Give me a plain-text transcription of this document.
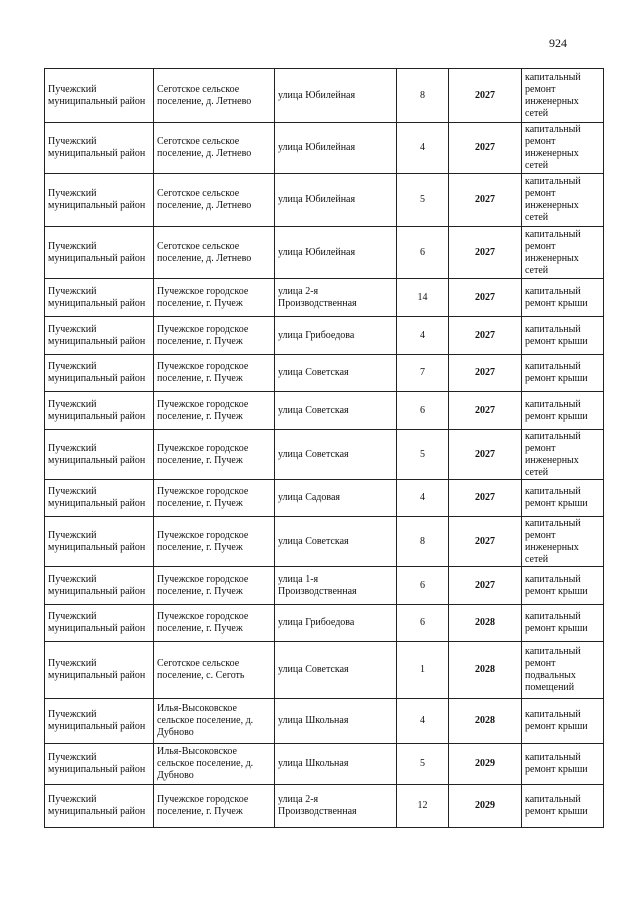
924
Пучежский муниципальный район	Сеготское сельское поселение, д. Летнево	улица Юбилейная	8	2027	капитальный ремонт инженерных сетей
Пучежский муниципальный район	Сеготское сельское поселение, д. Летнево	улица Юбилейная	4	2027	капитальный ремонт инженерных сетей
Пучежский муниципальный район	Сеготское сельское поселение, д. Летнево	улица Юбилейная	5	2027	капитальный ремонт инженерных сетей
Пучежский муниципальный район	Сеготское сельское поселение, д. Летнево	улица Юбилейная	6	2027	капитальный ремонт инженерных сетей
Пучежский муниципальный район	Пучежское городское поселение, г. Пучеж	улица 2-я Производственная	14	2027	капитальный ремонт крыши
Пучежский муниципальный район	Пучежское городское поселение, г. Пучеж	улица Грибоедова	4	2027	капитальный ремонт крыши
Пучежский муниципальный район	Пучежское городское поселение, г. Пучеж	улица Советская	7	2027	капитальный ремонт крыши
Пучежский муниципальный район	Пучежское городское поселение, г. Пучеж	улица Советская	6	2027	капитальный ремонт крыши
Пучежский муниципальный район	Пучежское городское поселение, г. Пучеж	улица Советская	5	2027	капитальный ремонт инженерных сетей
Пучежский муниципальный район	Пучежское городское поселение, г. Пучеж	улица Садовая	4	2027	капитальный ремонт крыши
Пучежский муниципальный район	Пучежское городское поселение, г. Пучеж	улица Советская	8	2027	капитальный ремонт инженерных сетей
Пучежский муниципальный район	Пучежское городское поселение, г. Пучеж	улица 1-я Производственная	6	2027	капитальный ремонт крыши
Пучежский муниципальный район	Пучежское городское поселение, г. Пучеж	улица Грибоедова	6	2028	капитальный ремонт крыши
Пучежский муниципальный район	Сеготское сельское поселение, с. Сеготь	улица Советская	1	2028	капитальный ремонт подвальных помещений
Пучежский муниципальный район	Илья-Высоковское сельское поселение, д. Дубново	улица Школьная	4	2028	капитальный ремонт крыши
Пучежский муниципальный район	Илья-Высоковское сельское поселение, д. Дубново	улица Школьная	5	2029	капитальный ремонт крыши
Пучежский муниципальный район	Пучежское городское поселение, г. Пучеж	улица 2-я Производственная	12	2029	капитальный ремонт крыши
